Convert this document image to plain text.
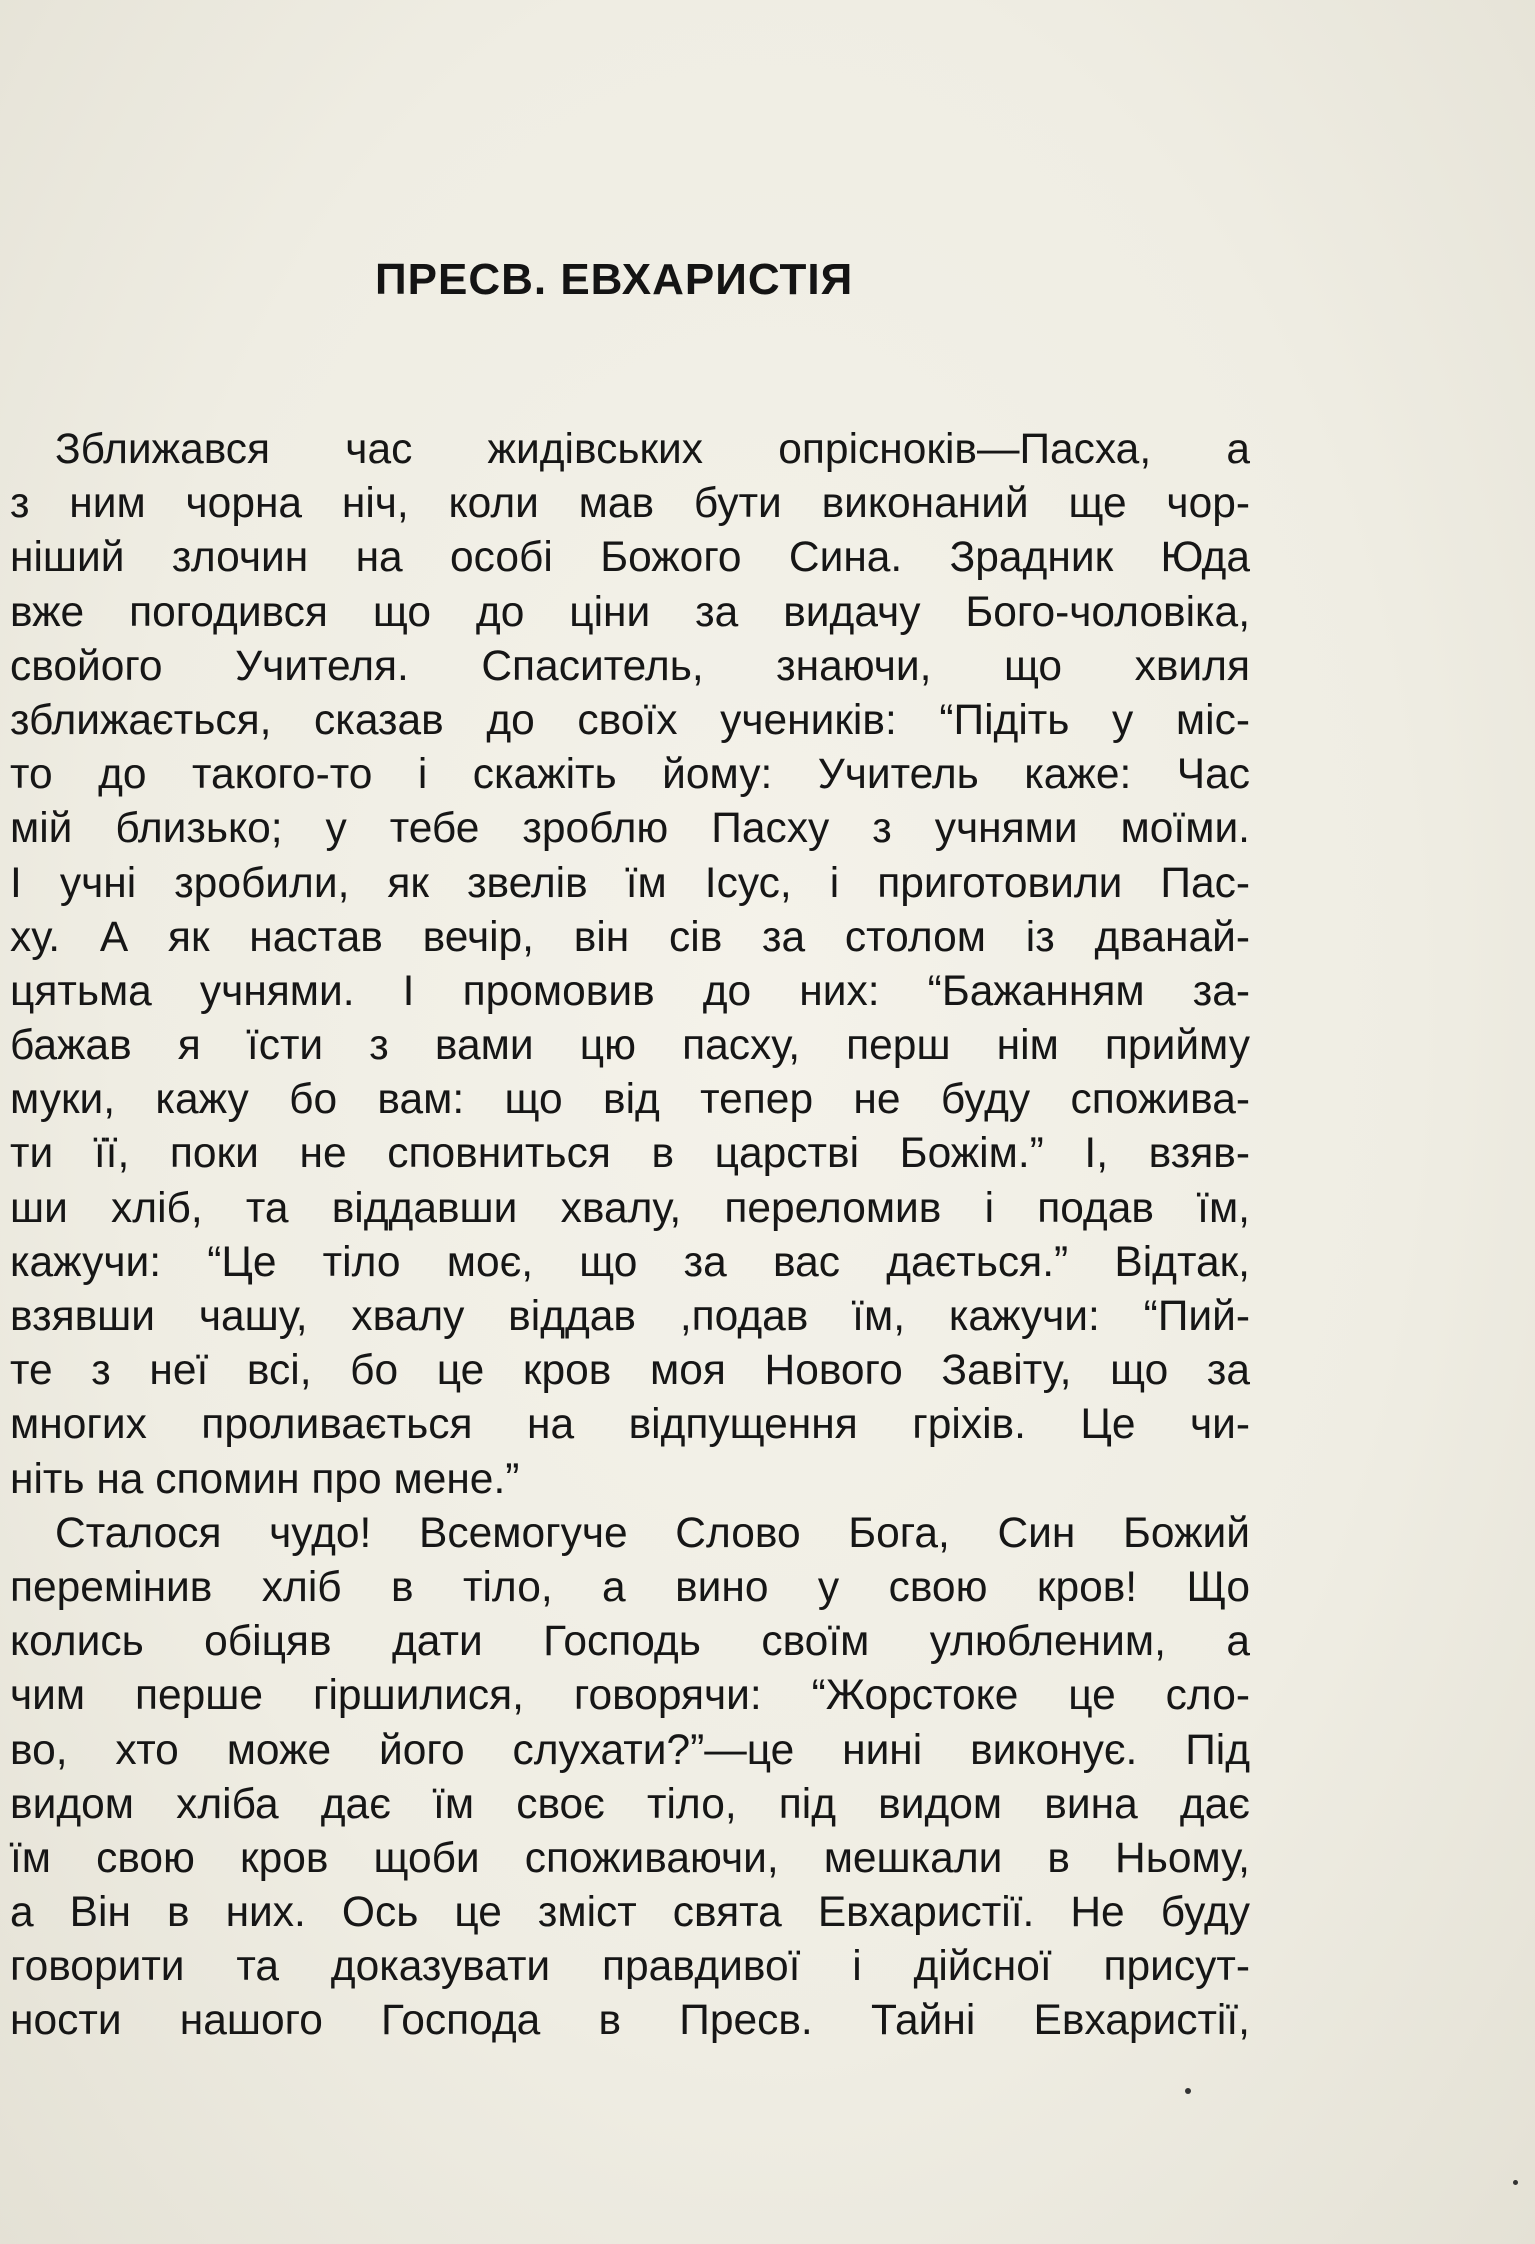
ПРЕСВ. ЕВХАРИСТІЯ
Зближався час жидівських опрісноків—Пасха, а
з ним чорна ніч, коли мав бути виконаний ще чор-
ніший злочин на особі Божого Сина. Зрадник Юда
вже погодився що до ціни за видачу Бого-чоловіка,
свойого Учителя. Спаситель, знаючи, що хвиля
зближається, сказав до своїх учеників: “Підіть у міс-
то до такого-то і скажіть йому: Учитель каже: Час
мій близько; у тебе зроблю Пасху з учнями моїми.
І учні зробили, як звелів їм Ісус, і приготовили Пас-
ху. А як настав вечір, він сів за столом із дванай-
цятьма учнями. І промовив до них: “Бажанням за-
бажав я їсти з вами цю пасху, перш нім прийму
муки, кажу бо вам: що від тепер не буду спожива-
ти її, поки не сповниться в царстві Божім.” І, взяв-
ши хліб, та віддавши хвалу, переломив і подав їм,
кажучи: “Це тіло моє, що за вас дається.” Відтак,
взявши чашу, хвалу віддав ,подав їм, кажучи: “Пий-
те з неї всі, бо це кров моя Нового Завіту, що за
многих проливається на відпущення гріхів. Це чи-
ніть на спомин про мене.”
Сталося чудо! Всемогуче Слово Бога, Син Божий
перемінив хліб в тіло, а вино у свою кров! Що
колись обіцяв дати Господь своїм улюбленим, а
чим перше гіршилися, говорячи: “Жорстоке це сло-
во, хто може його слухати?”—це нині виконує. Під
видом хліба дає їм своє тіло, під видом вина дає
їм свою кров щоби споживаючи, мешкали в Ньому,
а Він в них. Ось це зміст свята Евхаристії. Не буду
говорити та доказувати правдивої і дійсної присут-
ности нашого Господа в Пресв. Тайні Евхаристії,
